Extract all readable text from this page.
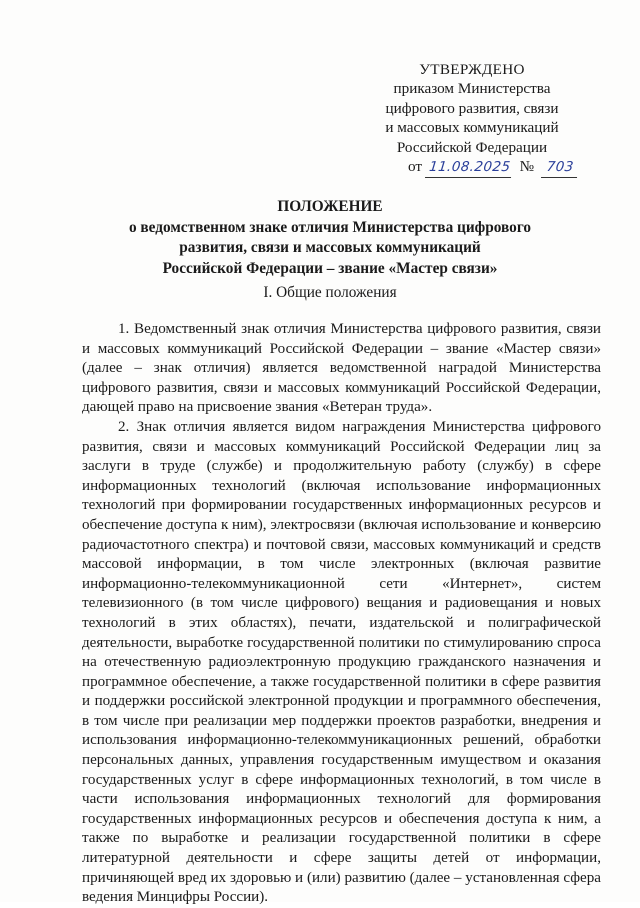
УТВЕРЖДЕНО
приказом Министерства
цифрового развития, связи
и массовых коммуникаций
Российской Федерации
от 11.08.2025 № 703
ПОЛОЖЕНИЕ
о ведомственном знаке отличия Министерства цифрового
развития, связи и массовых коммуникаций
Российской Федерации – звание «Мастер связи»
I. Общие положения

1. Ведомственный знак отличия Министерства цифрового развития, связи и массовых коммуникаций Российской Федерации – звание «Мастер связи» (далее – знак отличия) является ведомственной наградой Министерства цифрового развития, связи и массовых коммуникаций Российской Федерации, дающей право на присвоение звания «Ветеран труда».

2. Знак отличия является видом награждения Министерства цифрового развития, связи и массовых коммуникаций Российской Федерации лиц за заслуги в труде (службе) и продолжительную работу (службу) в сфере информационных технологий (включая использование информационных технологий при формировании государственных информационных ресурсов и обеспечение доступа к ним), электросвязи (включая использование и конверсию радиочастотного спектра) и почтовой связи, массовых коммуникаций и средств массовой информации, в том числе электронных (включая развитие информационно-телекоммуникационной сети «Интернет», систем телевизионного (в том числе цифрового) вещания и радиовещания и новых технологий в этих областях), печати, издательской и полиграфической деятельности, выработке государственной политики по стимулированию спроса на отечественную радиоэлектронную продукцию гражданского назначения и программное обеспечение, а также государственной политики в сфере развития и поддержки российской электронной продукции и программного обеспечения, в том числе при реализации мер поддержки проектов разработки, внедрения и использования информационно-телекоммуникационных решений, обработки персональных данных, управления государственным имуществом и оказания государственных услуг в сфере информационных технологий, в том числе в части использования информационных технологий для формирования государственных информационных ресурсов и обеспечения доступа к ним, а также по выработке и реализации государственной политики в сфере литературной деятельности и сфере защиты детей от информации, причиняющей вред их здоровью и (или) развитию (далее – установленная сфера ведения Минцифры России).
